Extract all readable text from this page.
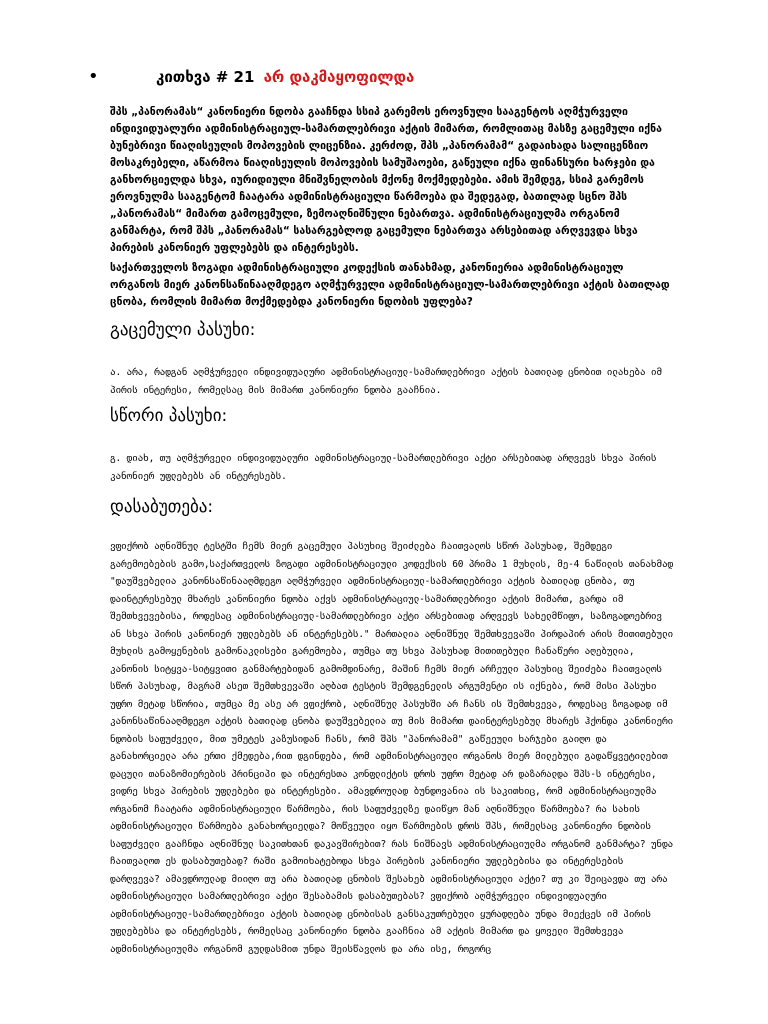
•	კითხვა # 21 არ დაკმაყოფილდა

შპს „პანორამას“ კანონიერი ნდობა გააჩნდა სსიპ გარემოს ეროვნული სააგენტოს აღმჭურველი ინდივიდუალური ადმინისტრაციულ-სამართლებრივი აქტის მიმართ, რომლითაც მასზე გაცემული იქნა ბუნებრივი წიაღისეულის მოპოვების ლიცენზია. კერძოდ, შპს „პანორამამ“ გადაიხადა სალიცენზიო მოსაკრებელი, აწარმოა წიაღისეულის მოპოვების სამუშაოები, გაწეული იქნა ფინანსური ხარჯები და განხორციელდა სხვა, იურიდიული მნიშვნელობის მქონე მოქმედებები. ამის შემდეგ, სსიპ გარემოს ეროვნულმა სააგენტომ ჩაატარა ადმინისტრაციული წარმოება და შედეგად, ბათილად სცნო შპს „პანორამას“ მიმართ გამოცემული, ზემოაღნიშნული ნებართვა. ადმინისტრაციულმა ორგანომ განმარტა, რომ შპს „პანორამას“ სასარგებლოდ გაცემული ნებართვა არსებითად არღვევდა სხვა პირების კანონიერ უფლებებს და ინტერესებს.

საქართველოს ზოგადი ადმინისტრაციული კოდექსის თანახმად, კანონიერია ადმინისტრაციულ ორგანოს მიერ კანონსაწინააღმდეგო აღმჭურველი ადმინისტრაციულ-სამართლებრივი აქტის ბათილად ცნობა, რომლის მიმართ მოქმედებდა კანონიერი ნდობის უფლება?

გაცემული პასუხი:

ა. არა, რადგან აღმჭურველი ინდივიდუალური ადმინისტრაციულ-სამართლებრივი აქტის ბათილად ცნობით ილახება იმ პირის ინტერესი, რომელსაც მის მიმართ კანონიერი ნდობა გააჩნია.

სწორი პასუხი:

გ. დიახ, თუ აღმჭურველი ინდივიდუალური ადმინისტრაციულ-სამართლებრივი აქტი არსებითად არღვევს სხვა პირის კანონიერ უფლებებს ან ინტერესებს.

დასაბუთება:

ვფიქრობ აღნიშნულ ტესტში ჩემს მიერ გაცემული პასუხიც შეიძლება ჩაითვალოს სწორ პასუხად, შემდეგი გარემოებების გამო,საქართველოს ზოგადი ადმინისტრაციული კოდექსის 60 პრიმა 1 მუხლის, მე-4 ნაწილის თანახმად "დაუშვებელია კანონსაწინააღმდეგო აღმჭურველი ადმინისტრაციულ-სამართლებრივი აქტის ბათილად ცნობა, თუ დაინტერესებულ მხარეს კანონიერი ნდობა აქვს ადმინისტრაციულ-სამართლებრივი აქტის მიმართ, გარდა იმ შემთხვევებისა, როდესაც ადმინისტრაციულ-სამართლებრივი აქტი არსებითად არღვევს სახელმწიფო, საზოგადოებრივ ან სხვა პირის კანონიერ უფლებებს ან ინტერესებს." მართალია აღნიშნულ შემთხვევაში პირდაპირ არის მითითებული მუხლის გამოყენების გამონაკლისები გარემოება, თუმცა თუ სხვა პასუხად მითითებული ჩანაწერი აღებულია, კანონის სიტყვა-სიტყვითი განმარტებიდან გამომდინარე, მაშინ ჩემს მიერ არჩეული პასუხიც შეიძება ჩაითვალოს სწორ პასუხად, მაგრამ ასეთ შემთხვევაში აღბათ ტესტის შემდგენელის არგუმენტი ის იქნება, რომ მისი პასუხი უფრო მეტად სწორია, თუმცა მე ასე არ ვფიქრობ, აღნიშნულ პასუხში არ ჩანს ის შემთხვევა, როდესაც ზოგადად იმ კანონსაწინააღმდეგო აქტის ბათილად ცნობა დაუშვებელია თუ მის მიმართ დაინტერესებულ მხარეს ჰქონდა კანონიერი ნდობის საფუძველი, მით უმეტეს კაზუსიდან ჩანს, რომ შპს "პანორამამ" გაწეეული ხარჯები გაიღო და განახორციელა არა ერთი ქმედება,რით დგინდება, რომ ადმინისტრაციული ორგანოს მიერ მილებული გადაწყვეტილებით დაცული თანაზომიერების პრინციპი და ინტერესთა კონფლიქტის დროს უფრო მეტად არ დაზარალდა შპს-ს ინტერესი, ვიდრე სხვა პირების უფლებები და ინტერესები. ამავდროულად ბუნდოვანია ის საკითხიც, რომ ადმინისტრაციულმა ორგანომ ჩაატარა ადმინისტრაციული წარმოება, რის საფუძველზე დაიწყო მან აღნიშნული წარმოება? რა სახის ადმინისტრაციული წარმოება განახორციელდა? მოწვეული იყო წარმოების დროს შპს, რომელსაც კანონიერი ნდობის საფუძველი გააჩნდა აღნიშნულ საკითხთან დაკავშირებით? რას ნიშნავს ადმინისტრაციულმა ორგანომ განმარტა? უნდა ჩაითვალოთ ეს დასაბუთებად? რაში გამოიხატებოდა სხვა პირების კანონიერი უფლებებისა და ინტერესების დარღვევა? ამავდროულად მიიღო თუ არა ბათილად ცნობის შესახებ ადმინისტრაციული აქტი? თუ კი შეიცავდა თუ არა ადმინისტრაციული სამართლებრივი აქტი შესაბამის დასაბუთებას? ვფიქრობ აღმჭურველი ინდივიდუალური ადმინისტრაციულ-სამართლებრივი აქტის ბათილად ცნობისას განსაკუთრებული ყურადღება უნდა მიექცეს იმ პირის უფლებებსა და ინტერესებს, რომელსაც კანონიერი ნდობა გააჩნია ამ აქტის მიმართ და ყოველი შემთხვევა ადმინისტრაციულმა ორგანომ გულდასმით უნდა შეისწავლოს და არა ისე, როგორც
